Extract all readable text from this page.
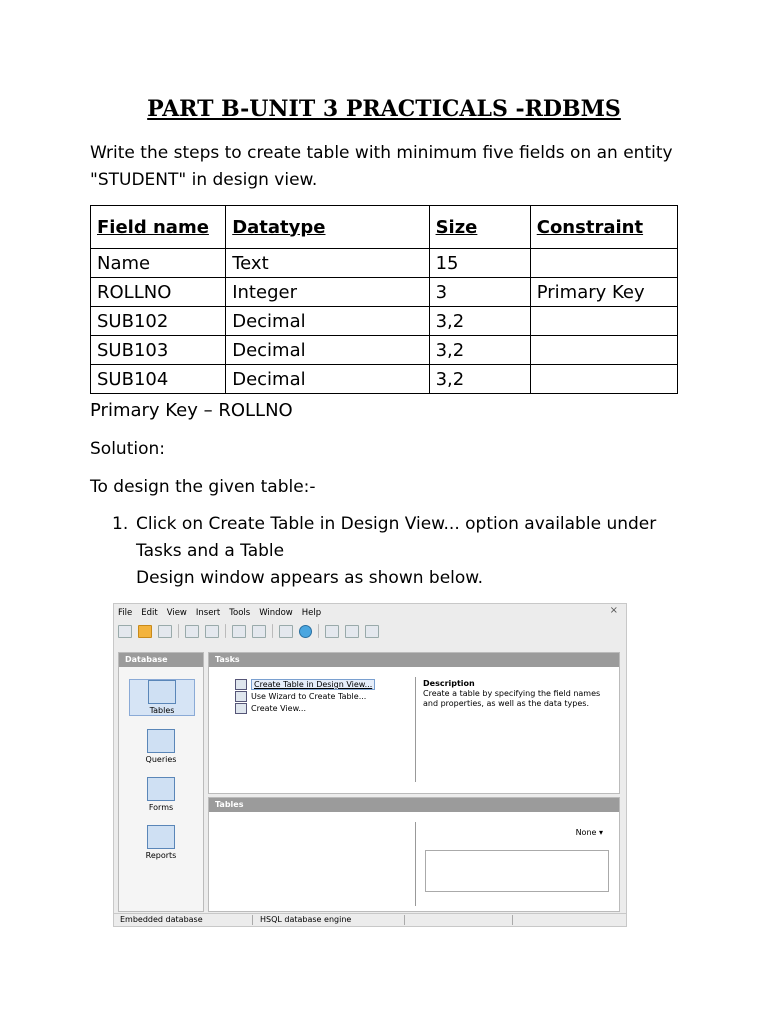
PART B-UNIT 3 PRACTICALS -RDBMS
Write the steps to create table with minimum five fields on an entity "STUDENT" in design view.
Field name	Datatype	Size	Constraint
Name	Text	15	
ROLLNO	Integer	3	Primary Key
SUB102	Decimal	3,2	
SUB103	Decimal	3,2	
SUB104	Decimal	3,2	
Primary Key – ROLLNO
Solution:
To design the given table:-
1. Click on Create Table in Design View... option available under
Tasks and a Table
Design window appears as shown below.
File Edit View Insert Tools Window Help	×
Database
Tables
Queries
Forms
Reports
Tasks
Create Table in Design View...
Use Wizard to Create Table...
Create View...
Description
Create a table by specifying the field names and properties, as well as the data types.
Tables
None ▾
Embedded database	HSQL database engine
